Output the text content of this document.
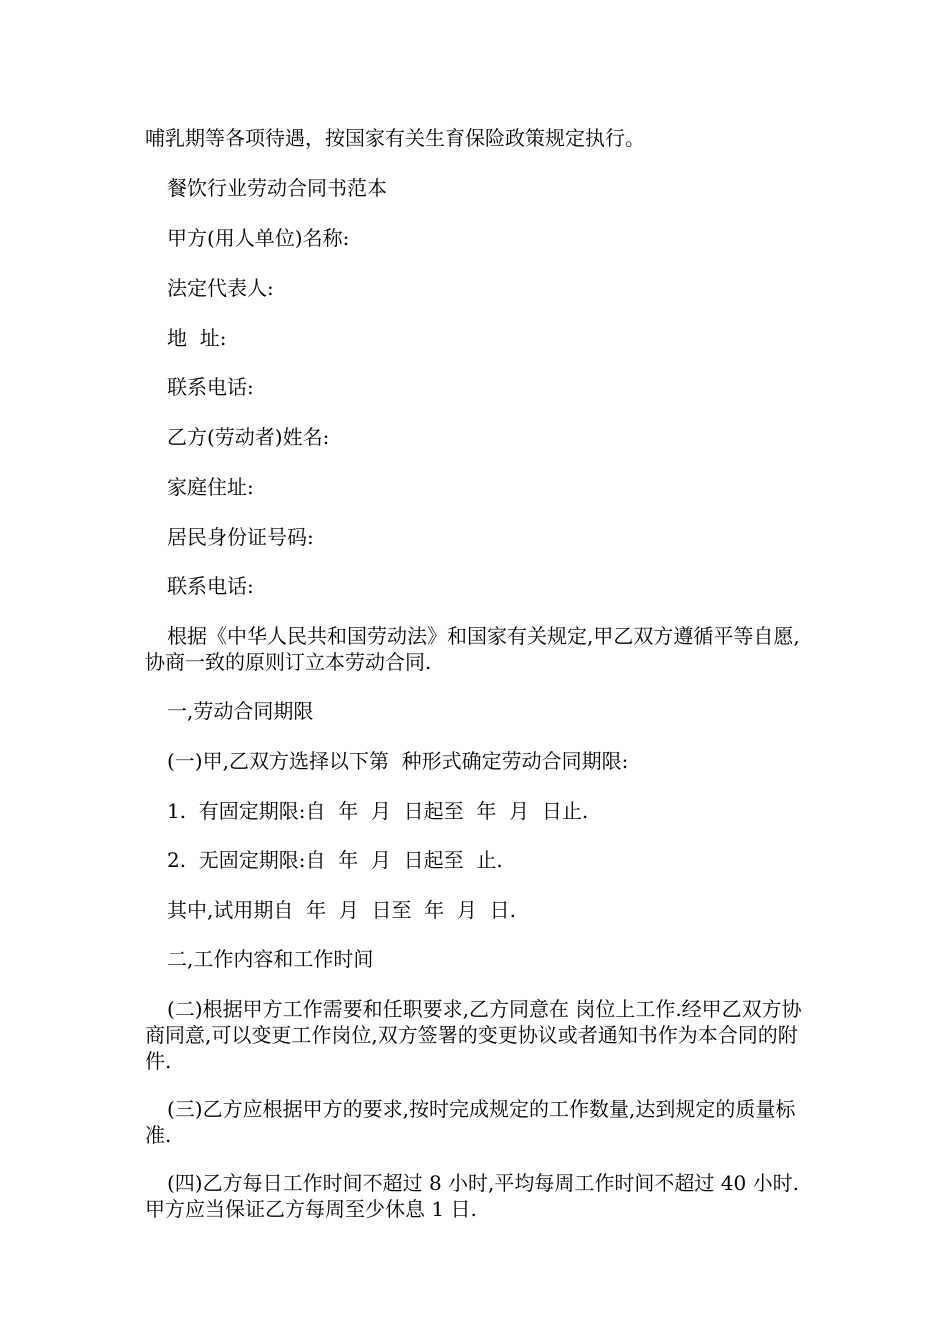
哺乳期等各项待遇，按国家有关生育保险政策规定执行。

餐饮行业劳动合同书范本

甲方(用人单位)名称:

法定代表人:

地  址:

联系电话:

乙方(劳动者)姓名:

家庭住址:

居民身份证号码:

联系电话:

根据《中华人民共和国劳动法》和国家有关规定,甲乙双方遵循平等自愿,协商一致的原则订立本劳动合同.

一,劳动合同期限

(一)甲,乙双方选择以下第  种形式确定劳动合同期限:

1.  有固定期限:自  年  月  日起至  年  月  日止.

2.  无固定期限:自  年  月  日起至  止.

其中,试用期自  年  月  日至  年  月  日.

二,工作内容和工作时间

(二)根据甲方工作需要和任职要求,乙方同意在 岗位上工作.经甲乙双方协商同意,可以变更工作岗位,双方签署的变更协议或者通知书作为本合同的附件.

(三)乙方应根据甲方的要求,按时完成规定的工作数量,达到规定的质量标准.

(四)乙方每日工作时间不超过 8 小时,平均每周工作时间不超过 40 小时.甲方应当保证乙方每周至少休息 1 日.
